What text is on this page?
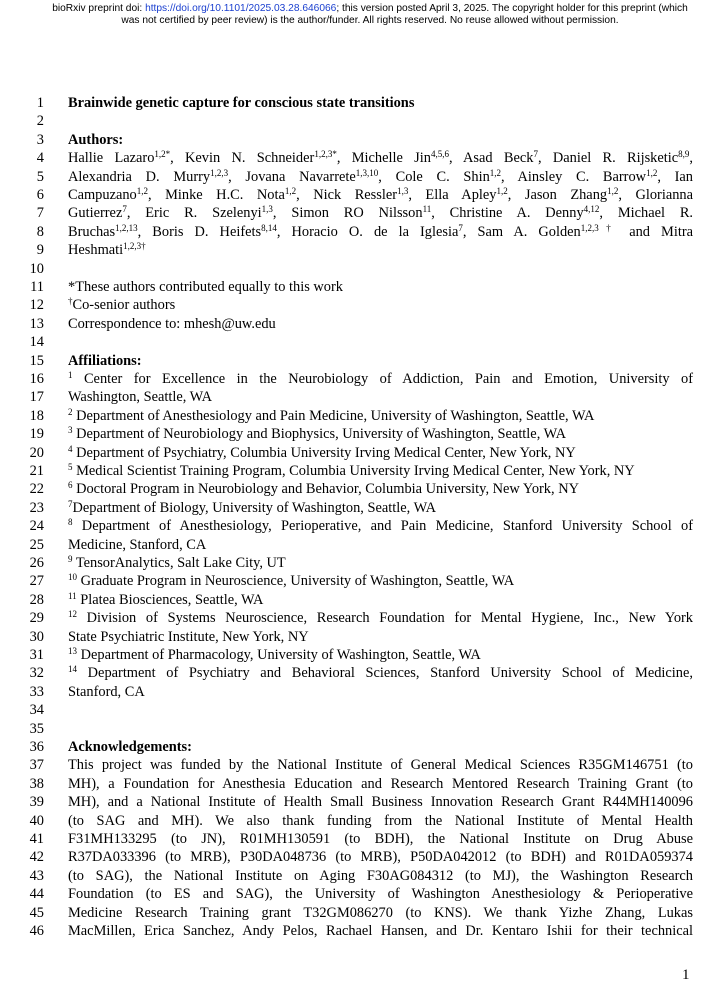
bioRxiv preprint doi: https://doi.org/10.1101/2025.03.28.646066; this version posted April 3, 2025. The copyright holder for this preprint (which
was not certified by peer review) is the author/funder. All rights reserved. No reuse allowed without permission.
1 Brainwide genetic capture for conscious state transitions
2
3 Authors:
4 Hallie Lazaro$^{1,2*}$, Kevin N. Schneider$^{1,2,3*}$, Michelle Jin$^{4,5,6}$, Asad Beck$^7$, Daniel R. Rijsketic$^{8,9}$,
5 Alexandria D. Murry$^{1,2,3}$, Jovana Navarrete$^{1,3,10}$, Cole C. Shin$^{1,2}$, Ainsley C. Barrow$^{1,2}$, Ian
6 Campuzano$^{1,2}$, Minke H.C. Nota$^{1,2}$, Nick Ressler$^{1,3}$, Ella Apley$^{1,2}$, Jason Zhang$^{1,2}$, Glorianna
7 Gutierrez$^7$, Eric R. Szelenyi$^{1,3}$, Simon RO Nilsson$^{11}$, Christine A. Denny$^{4,12}$, Michael R.
8 Bruchas$^{1,2,13}$, Boris D. Heifets$^{8,14}$, Horacio O. de la Iglesia$^7$, Sam A. Golden$^{1,2,3\dagger}$ and Mitra
9 Heshmati$^{1,2,3\dagger}$
10
11 *These authors contributed equally to this work
12	†Co-senior authors
13 Correspondence to: mhesh@uw.edu
14
15 Affiliations:
16	$^1$ Center for Excellence in the Neurobiology of Addiction, Pain and Emotion, University of
17 Washington, Seattle, WA
18	$^2$ Department of Anesthesiology and Pain Medicine, University of Washington, Seattle, WA
19	$^3$ Department of Neurobiology and Biophysics, University of Washington, Seattle, WA
20	$^4$ Department of Psychiatry, Columbia University Irving Medical Center, New York, NY
21	$^5$ Medical Scientist Training Program, Columbia University Irving Medical Center, New York, NY
22	$^6$ Doctoral Program in Neurobiology and Behavior, Columbia University, New York, NY
23	$^7$Department of Biology, University of Washington, Seattle, WA
24	$^8$ Department of Anesthesiology, Perioperative, and Pain Medicine, Stanford University School of
25 Medicine, Stanford, CA
26	$^9$ TensorAnalytics, Salt Lake City, UT
27	$^{10}$ Graduate Program in Neuroscience, University of Washington, Seattle, WA
28	$^{11}$ Platea Biosciences, Seattle, WA
29	$^{12}$ Division of Systems Neuroscience, Research Foundation for Mental Hygiene, Inc., New York
30 State Psychiatric Institute, New York, NY
31	$^{13}$ Department of Pharmacology, University of Washington, Seattle, WA
32	$^{14}$ Department of Psychiatry and Behavioral Sciences, Stanford University School of Medicine,
33 Stanford, CA
34
35
36 Acknowledgements:
37 This project was funded by the National Institute of General Medical Sciences R35GM146751 (to
38 MH), a Foundation for Anesthesia Education and Research Mentored Research Training Grant (to
39 MH), and a National Institute of Health Small Business Innovation Research Grant R44MH140096
40 (to SAG and MH). We also thank funding from the National Institute of Mental Health
41 F31MH133295 (to JN), R01MH130591 (to BDH), the National Institute on Drug Abuse
42 R37DA033396 (to MRB), P30DA048736 (to MRB), P50DA042012 (to BDH) and R01DA059374
43 (to SAG), the National Institute on Aging F30AG084312 (to MJ), the Washington Research
44 Foundation (to ES and SAG), the University of Washington Anesthesiology & Perioperative
45 Medicine Research Training grant T32GM086270 (to KNS). We thank Yizhe Zhang, Lukas
46 MacMillen, Erica Sanchez, Andy Pelos, Rachael Hansen, and Dr. Kentaro Ishii for their technical
1
